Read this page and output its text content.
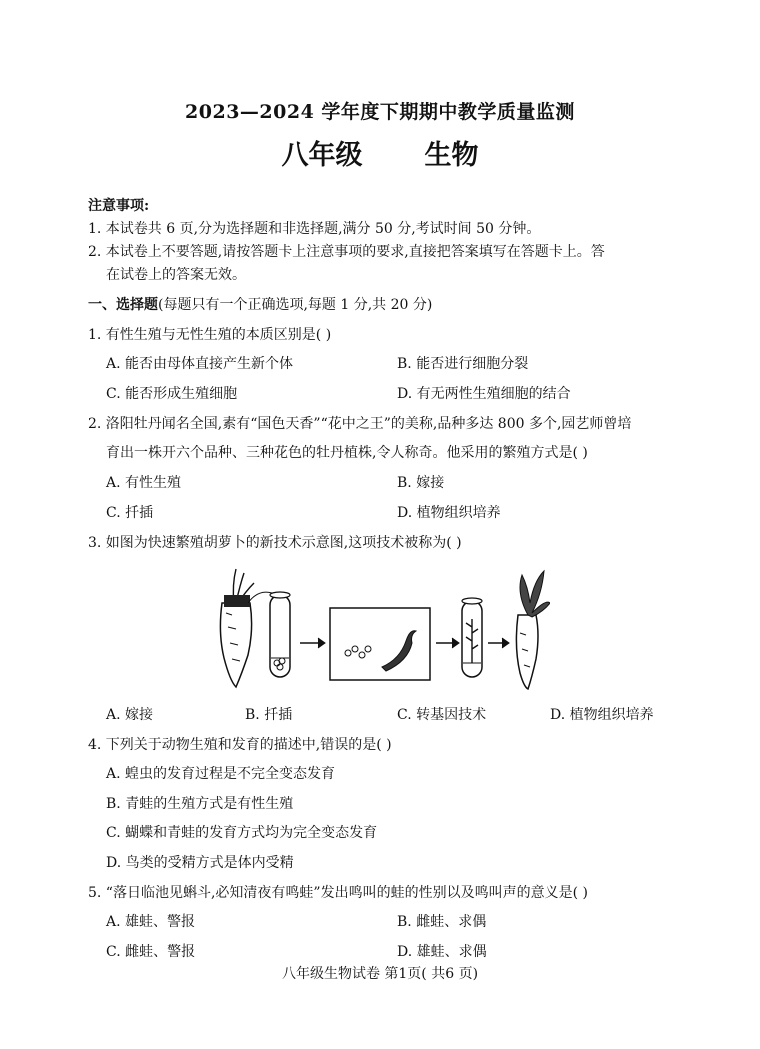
2023—2024 学年度下期期中教学质量监测
八年级 生物
注意事项:
1. 本试卷共 6 页,分为选择题和非选择题,满分 50 分,考试时间 50 分钟。
2. 本试卷上不要答题,请按答题卡上注意事项的要求,直接把答案填写在答题卡上。答
在试卷上的答案无效。
一、选择题(每题只有一个正确选项,每题 1 分,共 20 分)
1. 有性生殖与无性生殖的本质区别是( )
A. 能否由母体直接产生新个体	B. 能否进行细胞分裂
C. 能否形成生殖细胞	D. 有无两性生殖细胞的结合
2. 洛阳牡丹闻名全国,素有“国色天香”“花中之王”的美称,品种多达 800 多个,园艺师曾培
育出一株开六个品种、三种花色的牡丹植株,令人称奇。他采用的繁殖方式是( )
A. 有性生殖	B. 嫁接
C. 扦插	D. 植物组织培养
3. 如图为快速繁殖胡萝卜的新技术示意图,这项技术被称为( )
A. 嫁接	B. 扦插	C. 转基因技术	D. 植物组织培养
4. 下列关于动物生殖和发育的描述中,错误的是( )
A. 蝗虫的发育过程是不完全变态发育
B. 青蛙的生殖方式是有性生殖
C. 蝴蝶和青蛙的发育方式均为完全变态发育
D. 鸟类的受精方式是体内受精
5. “落日临池见蝌斗,必知清夜有鸣蛙”发出鸣叫的蛙的性别以及鸣叫声的意义是( )
A. 雄蛙、警报	B. 雌蛙、求偶
C. 雌蛙、警报	D. 雄蛙、求偶
八年级生物试卷 第1页( 共6 页)
